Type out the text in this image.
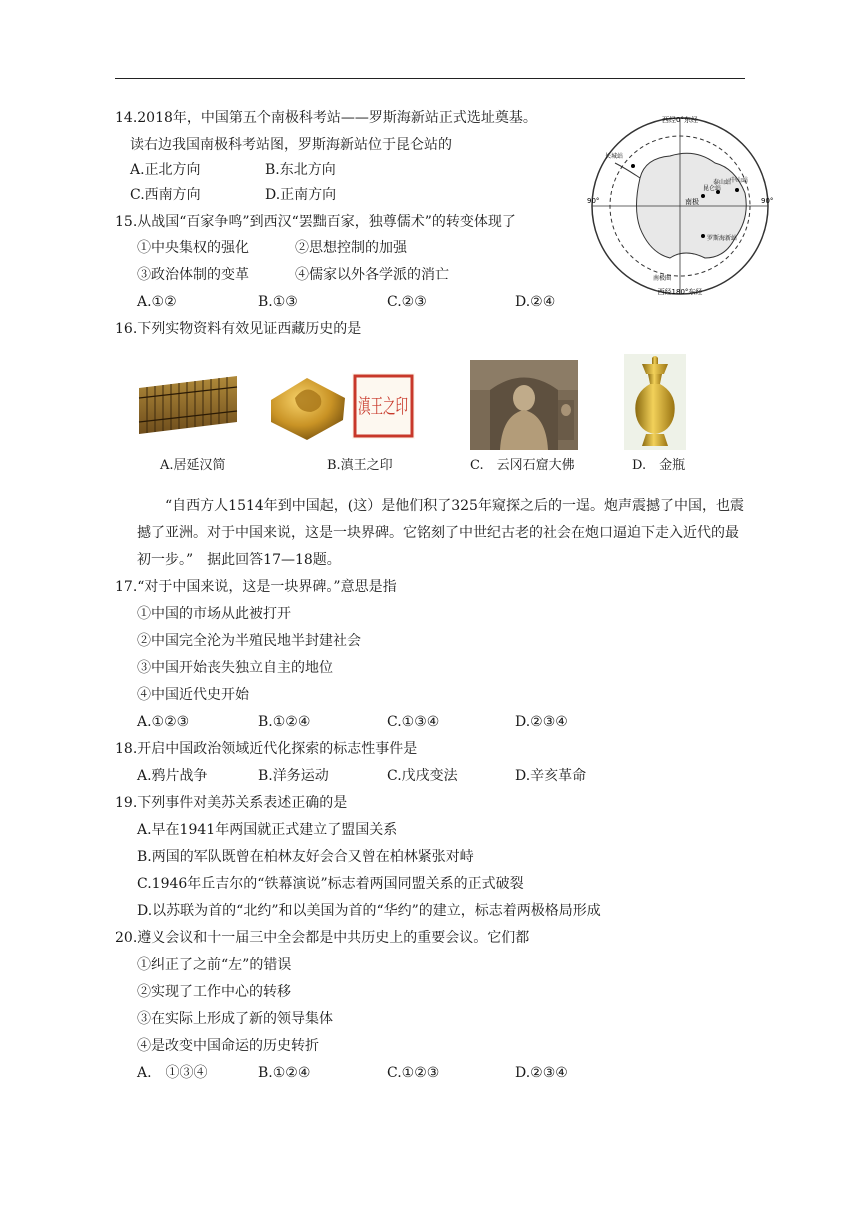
14.2018年，中国第五个南极科考站——罗斯海新站正式选址奠基。
读右边我国南极科考站图，罗斯海新站位于昆仑站的
A.正北方向	B.东北方向
C.西南方向	D.正南方向
西经0°东经
西经180°东经
90°	90°
南极
昆仑站
泰山站
中山站
长城站
罗斯海新站
南极圈
15.从战国“百家争鸣”到西汉“罢黜百家，独尊儒术”的转变体现了
①中央集权的强化	②思想控制的加强
③政治体制的变革	④儒家以外各学派的消亡
A.①②	B.①③	C.②③	D.②④
16.下列实物资料有效见证西藏历史的是
滇王之印
A.居延汉简	B.滇王之印	C.　云冈石窟大佛	D.　金瓶
“自西方人1514年到中国起，(这）是他们积了325年窥探之后的一逞。炮声震撼了中国，也震撼了亚洲。对于中国来说，这是一块界碑。它铭刻了中世纪古老的社会在炮口逼迫下走入近代的最初一步。”　据此回答17—18题。
17.“对于中国来说，这是一块界碑。”意思是指
①中国的市场从此被打开
②中国完全沦为半殖民地半封建社会
③中国开始丧失独立自主的地位
④中国近代史开始
A.①②③	B.①②④	C.①③④	D.②③④
18.开启中国政治领域近代化探索的标志性事件是
A.鸦片战争	B.洋务运动	C.戊戌变法	D.辛亥革命
19.下列事件对美苏关系表述正确的是
A.早在1941年两国就正式建立了盟国关系
B.两国的军队既曾在柏林友好会合又曾在柏林紧张对峙
C.1946年丘吉尔的“铁幕演说”标志着两国同盟关系的正式破裂
D.以苏联为首的“北约”和以美国为首的“华约”的建立，标志着两极格局形成
20.遵义会议和十一届三中全会都是中共历史上的重要会议。它们都
①纠正了之前“左”的错误
②实现了工作中心的转移
③在实际上形成了新的领导集体
④是改变中国命运的历史转折
A.　①③④	B.①②④	C.①②③	D.②③④
